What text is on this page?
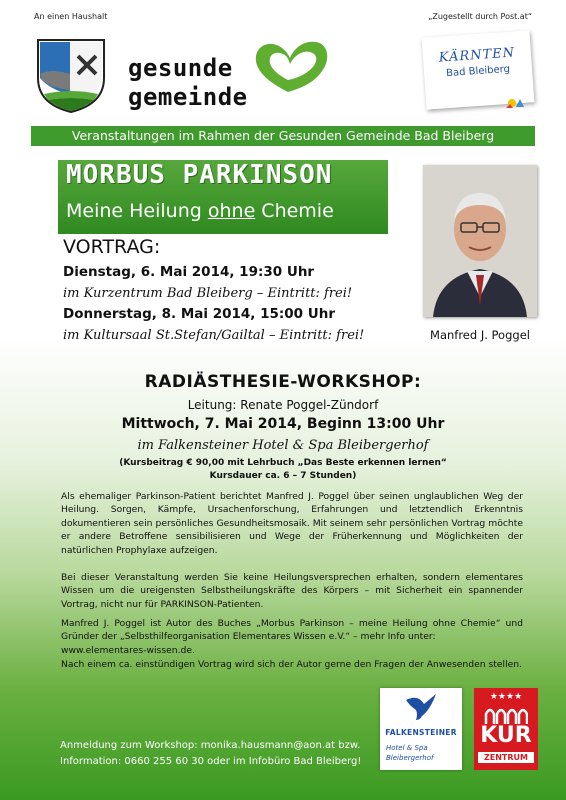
An einen Haushalt	„Zugestellt durch Post.at“
gesunde
gemeinde
KÄRNTEN
Bad Bleiberg
Veranstaltungen im Rahmen der Gesunden Gemeinde Bad Bleiberg
MORBUS PARKINSON
Meine Heilung ohne Chemie
Manfred J. Poggel
VORTRAG:
Dienstag, 6. Mai 2014, 19:30 Uhr
im Kurzentrum Bad Bleiberg – Eintritt: frei!
Donnerstag, 8. Mai 2014, 15:00 Uhr
im Kultursaal St.Stefan/Gailtal – Eintritt: frei!
RADIÄSTHESIE-WORKSHOP:
Leitung: Renate Poggel-Zündorf
Mittwoch, 7. Mai 2014, Beginn 13:00 Uhr
im Falkensteiner Hotel & Spa Bleibergerhof
(Kursbeitrag € 90,00 mit Lehrbuch „Das Beste erkennen lernen“
Kursdauer ca. 6 – 7 Stunden)
Als ehemaliger Parkinson-Patient berichtet Manfred J. Poggel über seinen unglaublichen Weg der Heilung. Sorgen, Kämpfe, Ursachenforschung, Erfahrungen und letztendlich Erkenntnis dokumentieren sein persönliches Gesundheitsmosaik. Mit seinem sehr persönlichen Vortrag möchte er andere Betroffene sensibilisieren und Wege der Früherkennung und Möglichkeiten der natürlichen Prophylaxe aufzeigen.
Bei dieser Veranstaltung werden Sie keine Heilungsversprechen erhalten, sondern elementares Wissen um die ureigensten Selbstheilungskräfte des Körpers – mit Sicherheit ein spannender Vortrag, nicht nur für PARKINSON-Patienten.
Manfred J. Poggel ist Autor des Buches „Morbus Parkinson – meine Heilung ohne Chemie“ und Gründer der „Selbsthilfeorganisation Elementares Wissen e.V.“ – mehr Info unter:
www.elementares-wissen.de.
Nach einem ca. einstündigen Vortrag wird sich der Autor gerne den Fragen der Anwesenden stellen.
FALKENSTEINER
Hotel & Spa
Bleibergerhof
★★★★
KUR
ZENTRUM
Anmeldung zum Workshop: monika.hausmann@aon.at bzw.
Information: 0660 255 60 30 oder im Infobüro Bad Bleiberg!
